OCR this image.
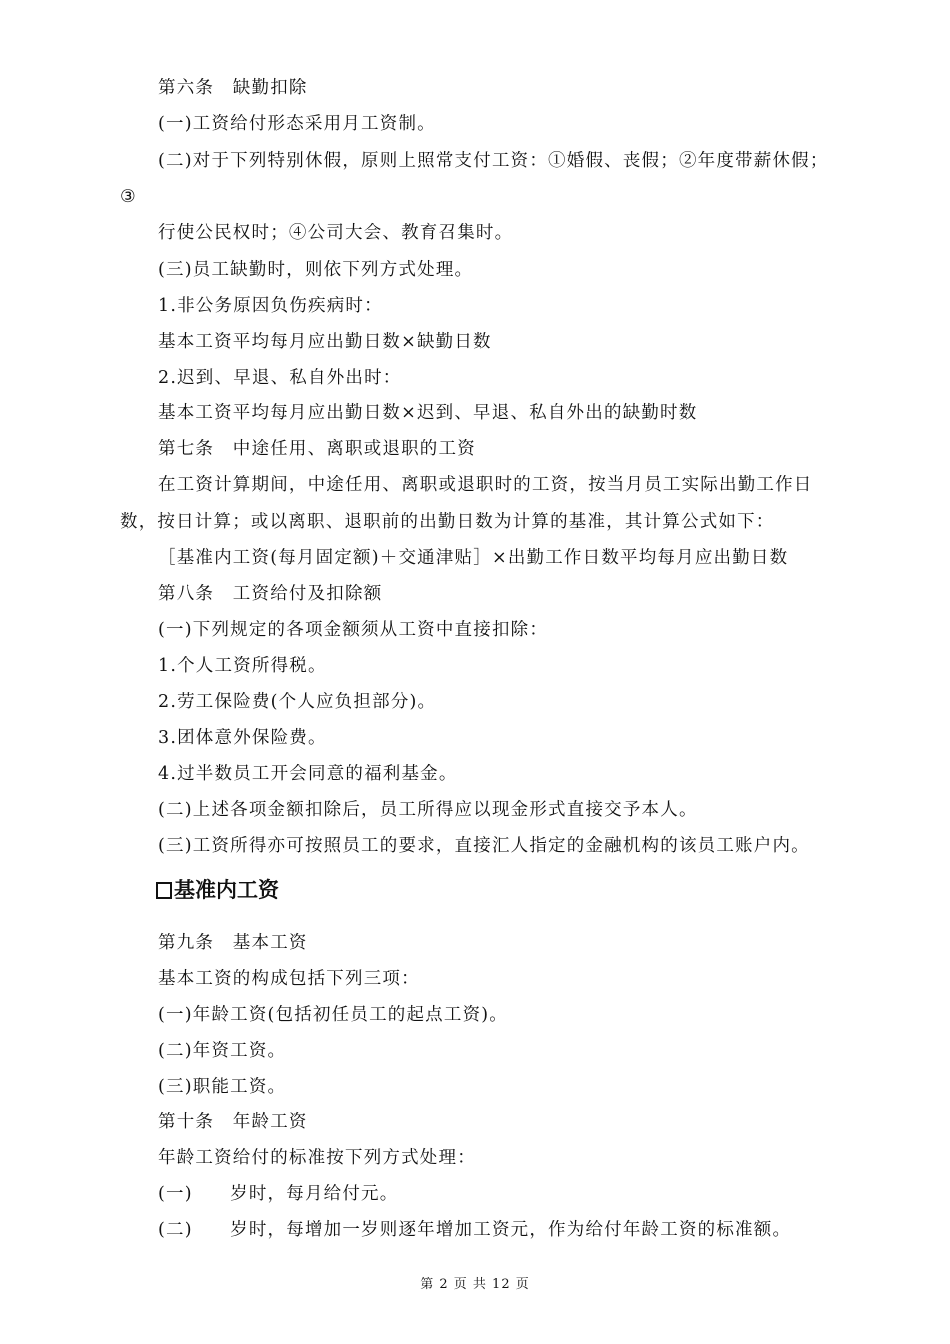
第六条　缺勤扣除
(一)工资给付形态采用月工资制。
(二)对于下列特别休假，原则上照常支付工资：①婚假、丧假；②年度带薪休假；
③
行使公民权时；④公司大会、教育召集时。
(三)员工缺勤时，则依下列方式处理。
1.非公务原因负伤疾病时：
基本工资平均每月应出勤日数×缺勤日数
2.迟到、早退、私自外出时：
基本工资平均每月应出勤日数×迟到、早退、私自外出的缺勤时数
第七条　中途任用、离职或退职的工资
在工资计算期间，中途任用、离职或退职时的工资，按当月员工实际出勤工作日
数，按日计算；或以离职、退职前的出勤日数为计算的基准，其计算公式如下：
［基准内工资(每月固定额)＋交通津贴］×出勤工作日数平均每月应出勤日数
第八条　工资给付及扣除额
(一)下列规定的各项金额须从工资中直接扣除：
1.个人工资所得税。
2.劳工保险费(个人应负担部分)。
3.团体意外保险费。
4.过半数员工开会同意的福利基金。
(二)上述各项金额扣除后，员工所得应以现金形式直接交予本人。
(三)工资所得亦可按照员工的要求，直接汇人指定的金融机构的该员工账户内。
基准内工资
第九条　基本工资
基本工资的构成包括下列三项：
(一)年龄工资(包括初任员工的起点工资)。
(二)年资工资。
(三)职能工资。
第十条　年龄工资
年龄工资给付的标准按下列方式处理：
(一)　　岁时，每月给付元。
(二)　　岁时，每增加一岁则逐年增加工资元，作为给付年龄工资的标准额。
第 2 页 共 12 页
